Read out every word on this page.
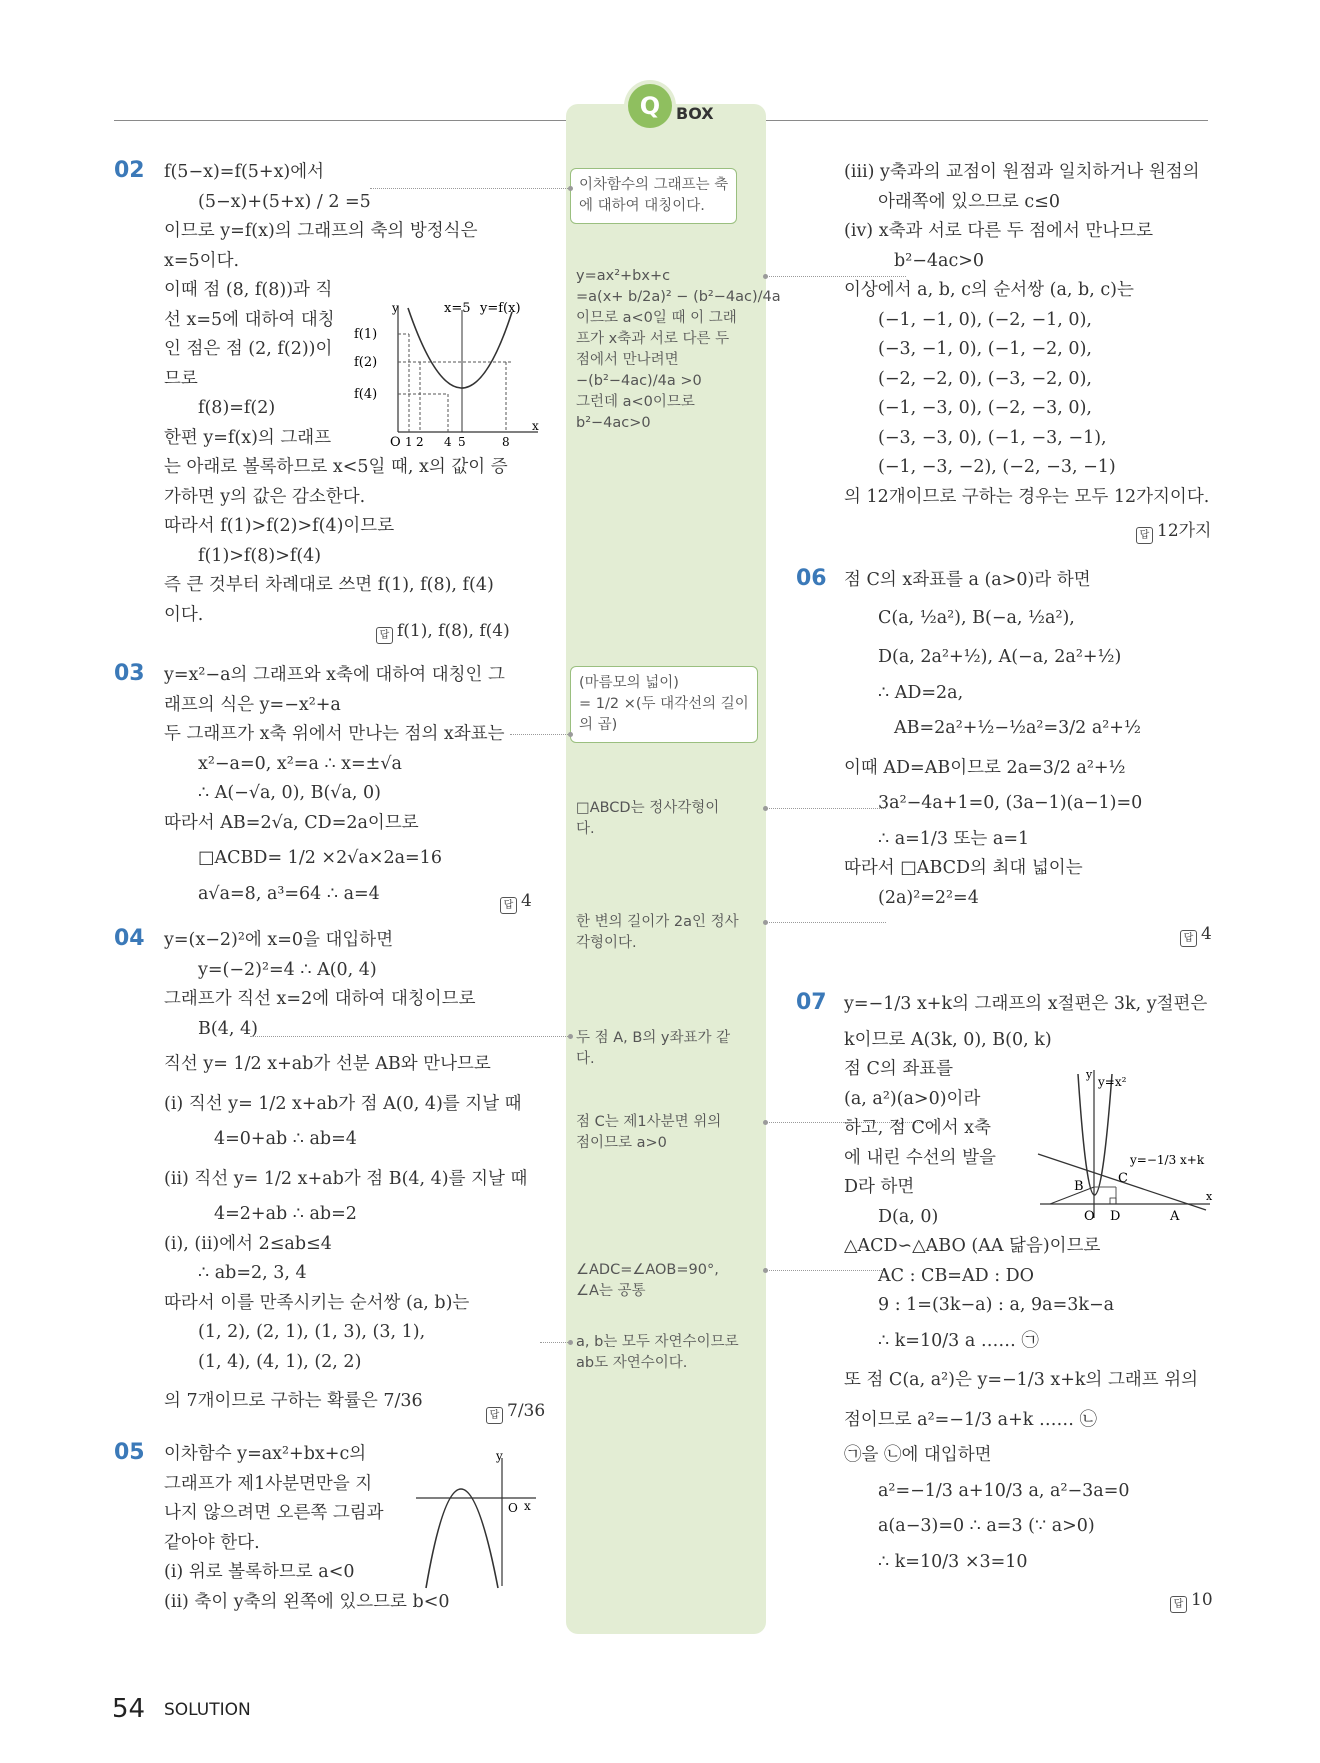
Q BOX
02 f(5−x)=f(5+x)에서

(5−x)+(5+x) / 2 =5

이므로 y=f(x)의 그래프의 축의 방정식은

x=5이다.

이때 점 (8, f(8))과 직

선 x=5에 대하여 대칭

인 점은 점 (2, f(2))이

므로

f(8)=f(2)

한편 y=f(x)의 그래프

는 아래로 볼록하므로 x<5일 때, x의 값이 증

가하면 y의 값은 감소한다.

따라서 f(1)>f(2)>f(4)이므로

f(1)>f(8)>f(4)

즉 큰 것부터 차례대로 쓰면 f(1), f(8), f(4)

이다.

답 f(1), f(8), f(4)
y
x
x=5 y=f(x)
f(1)
f(2)
f(4)
O 1 2 4 5	8
03 y=x²−a의 그래프와 x축에 대하여 대칭인 그

래프의 식은 y=−x²+a

두 그래프가 x축 위에서 만나는 점의 x좌표는

x²−a=0, x²=a ∴ x=±√a

∴ A(−√a, 0), B(√a, 0)

따라서 AB=2√a, CD=2a이므로

□ACBD= 1/2 ×2√a×2a=16

a√a=8, a³=64 ∴ a=4

답 4
04 y=(x−2)²에 x=0을 대입하면

y=(−2)²=4 ∴ A(0, 4)

그래프가 직선 x=2에 대하여 대칭이므로

B(4, 4)

직선 y= 1/2 x+ab가 선분 AB와 만나므로

(ⅰ) 직선 y= 1/2 x+ab가 점 A(0, 4)를 지날 때

4=0+ab ∴ ab=4

(ⅱ) 직선 y= 1/2 x+ab가 점 B(4, 4)를 지날 때

4=2+ab ∴ ab=2

(ⅰ), (ⅱ)에서 2≤ab≤4

∴ ab=2, 3, 4

따라서 이를 만족시키는 순서쌍 (a, b)는

(1, 2), (2, 1), (1, 3), (3, 1),

(1, 4), (4, 1), (2, 2)

의 7개이므로 구하는 확률은 7/36

답 7/36
05 이차함수 y=ax²+bx+c의

그래프가 제1사분면만을 지

나지 않으려면 오른쪽 그림과

같아야 한다.

(ⅰ) 위로 볼록하므로 a<0

(ⅱ) 축이 y축의 왼쪽에 있으므로 b<0

y
x
O
이차함수의 그래프는 축
에 대하여 대칭이다.
y=ax²+bx+c
=a(x+ b/2a)² − (b²−4ac)/4a
이므로 a<0일 때 이 그래
프가 x축과 서로 다른 두
점에서 만나려면
−(b²−4ac)/4a >0
그런데 a<0이므로
b²−4ac>0
(마름모의 넓이)
= 1/2 ×(두 대각선의 길이
의 곱)
□ABCD는 정사각형이
다.
한 변의 길이가 2a인 정사
각형이다.
두 점 A, B의 y좌표가 같
다.
점 C는 제1사분면 위의
점이므로 a>0
∠ADC=∠AOB=90°,
∠A는 공통
a, b는 모두 자연수이므로
ab도 자연수이다.

(ⅲ) y축과의 교점이 원점과 일치하거나 원점의

아래쪽에 있으므로 c≤0

(ⅳ) x축과 서로 다른 두 점에서 만나므로

b²−4ac>0

이상에서 a, b, c의 순서쌍 (a, b, c)는

(−1, −1, 0), (−2, −1, 0),

(−3, −1, 0), (−1, −2, 0),

(−2, −2, 0), (−3, −2, 0),

(−1, −3, 0), (−2, −3, 0),

(−3, −3, 0), (−1, −3, −1),

(−1, −3, −2), (−2, −3, −1)

의 12개이므로 구하는 경우는 모두 12가지이다.

답 12가지
06 점 C의 x좌표를 a (a>0)라 하면

C(a, ½a²), B(−a, ½a²),

D(a, 2a²+½), A(−a, 2a²+½)

∴ AD=2a,

AB=2a²+½−½a²=3/2 a²+½

이때 AD=AB이므로 2a=3/2 a²+½

3a²−4a+1=0, (3a−1)(a−1)=0

∴ a=1/3 또는 a=1

따라서 □ABCD의 최대 넓이는

(2a)²=2²=4

답 4
07 y=−1/3 x+k의 그래프의 x절편은 3k, y절편은

k이므로 A(3k, 0), B(0, k)

점 C의 좌표를

(a, a²)(a>0)이라

하고, 점 C에서 x축

에 내린 수선의 발을

D라 하면

D(a, 0)

△ACD∽△ABO (AA 닮음)이므로

AC : CB=AD : DO

9 : 1=(3k−a) : a, 9a=3k−a

∴ k=10/3 a …… ㉠

또 점 C(a, a²)은 y=−1/3 x+k의 그래프 위의

점이므로 a²=−1/3 a+k …… ㉡

㉠을 ㉡에 대입하면

a²=−1/3 a+10/3 a, a²−3a=0

a(a−3)=0 ∴ a=3 (∵ a>0)

∴ k=10/3 ×3=10

답 10
y
y=x²
y=−1/3 x+k
x
B
C
O D	A
54 SOLUTION
